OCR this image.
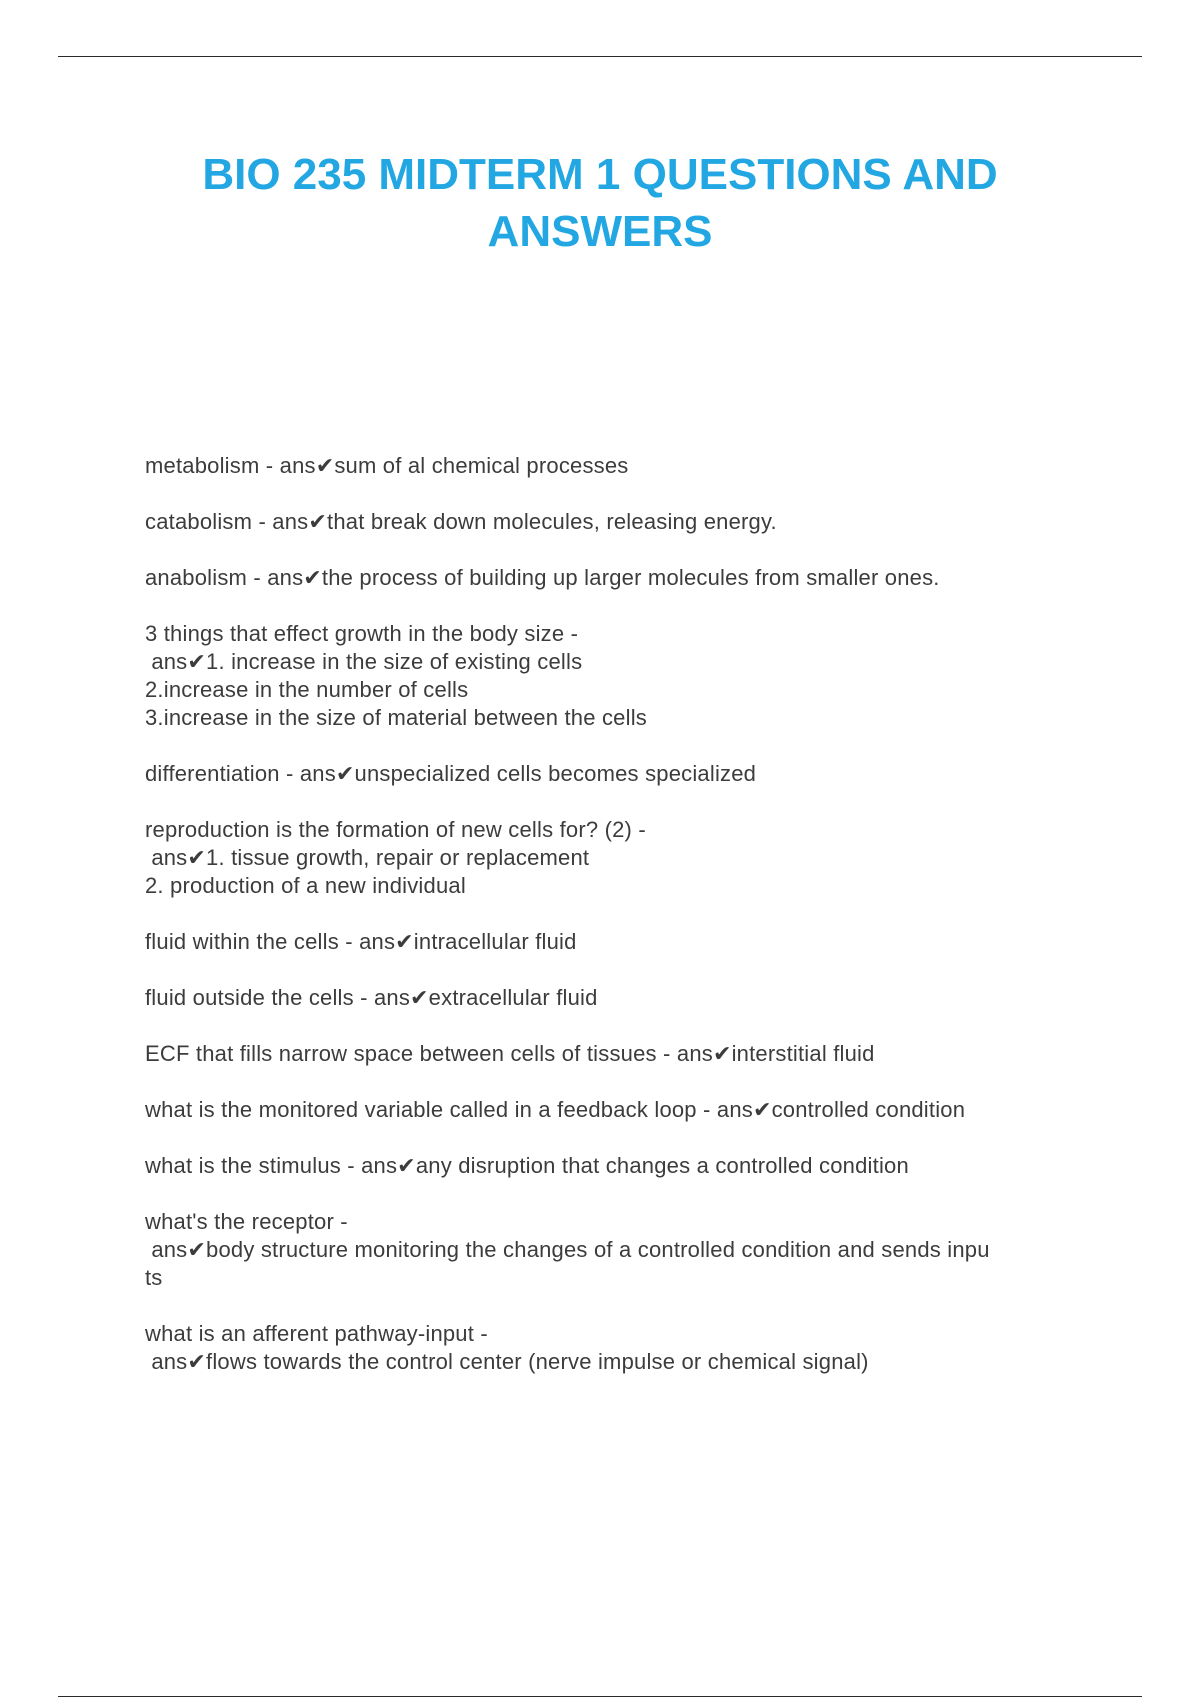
BIO 235 MIDTERM 1 QUESTIONS AND ANSWERS
metabolism - ans✔sum of al chemical processes
catabolism - ans✔that break down molecules, releasing energy.
anabolism - ans✔the process of building up larger molecules from smaller ones.
3 things that effect growth in the body size -
ans✔1. increase in the size of existing cells
2.increase in the number of cells
3.increase in the size of material between the cells
differentiation - ans✔unspecialized cells becomes specialized
reproduction is the formation of new cells for? (2) -
ans✔1. tissue growth, repair or replacement
2. production of a new individual
fluid within the cells - ans✔intracellular fluid
fluid outside the cells - ans✔extracellular fluid
ECF that fills narrow space between cells of tissues - ans✔interstitial fluid
what is the monitored variable called in a feedback loop - ans✔controlled condition
what is the stimulus - ans✔any disruption that changes a controlled condition
what's the receptor -
ans✔body structure monitoring the changes of a controlled condition and sends inpu
ts
what is an afferent pathway-input -
ans✔flows towards the control center (nerve impulse or chemical signal)
